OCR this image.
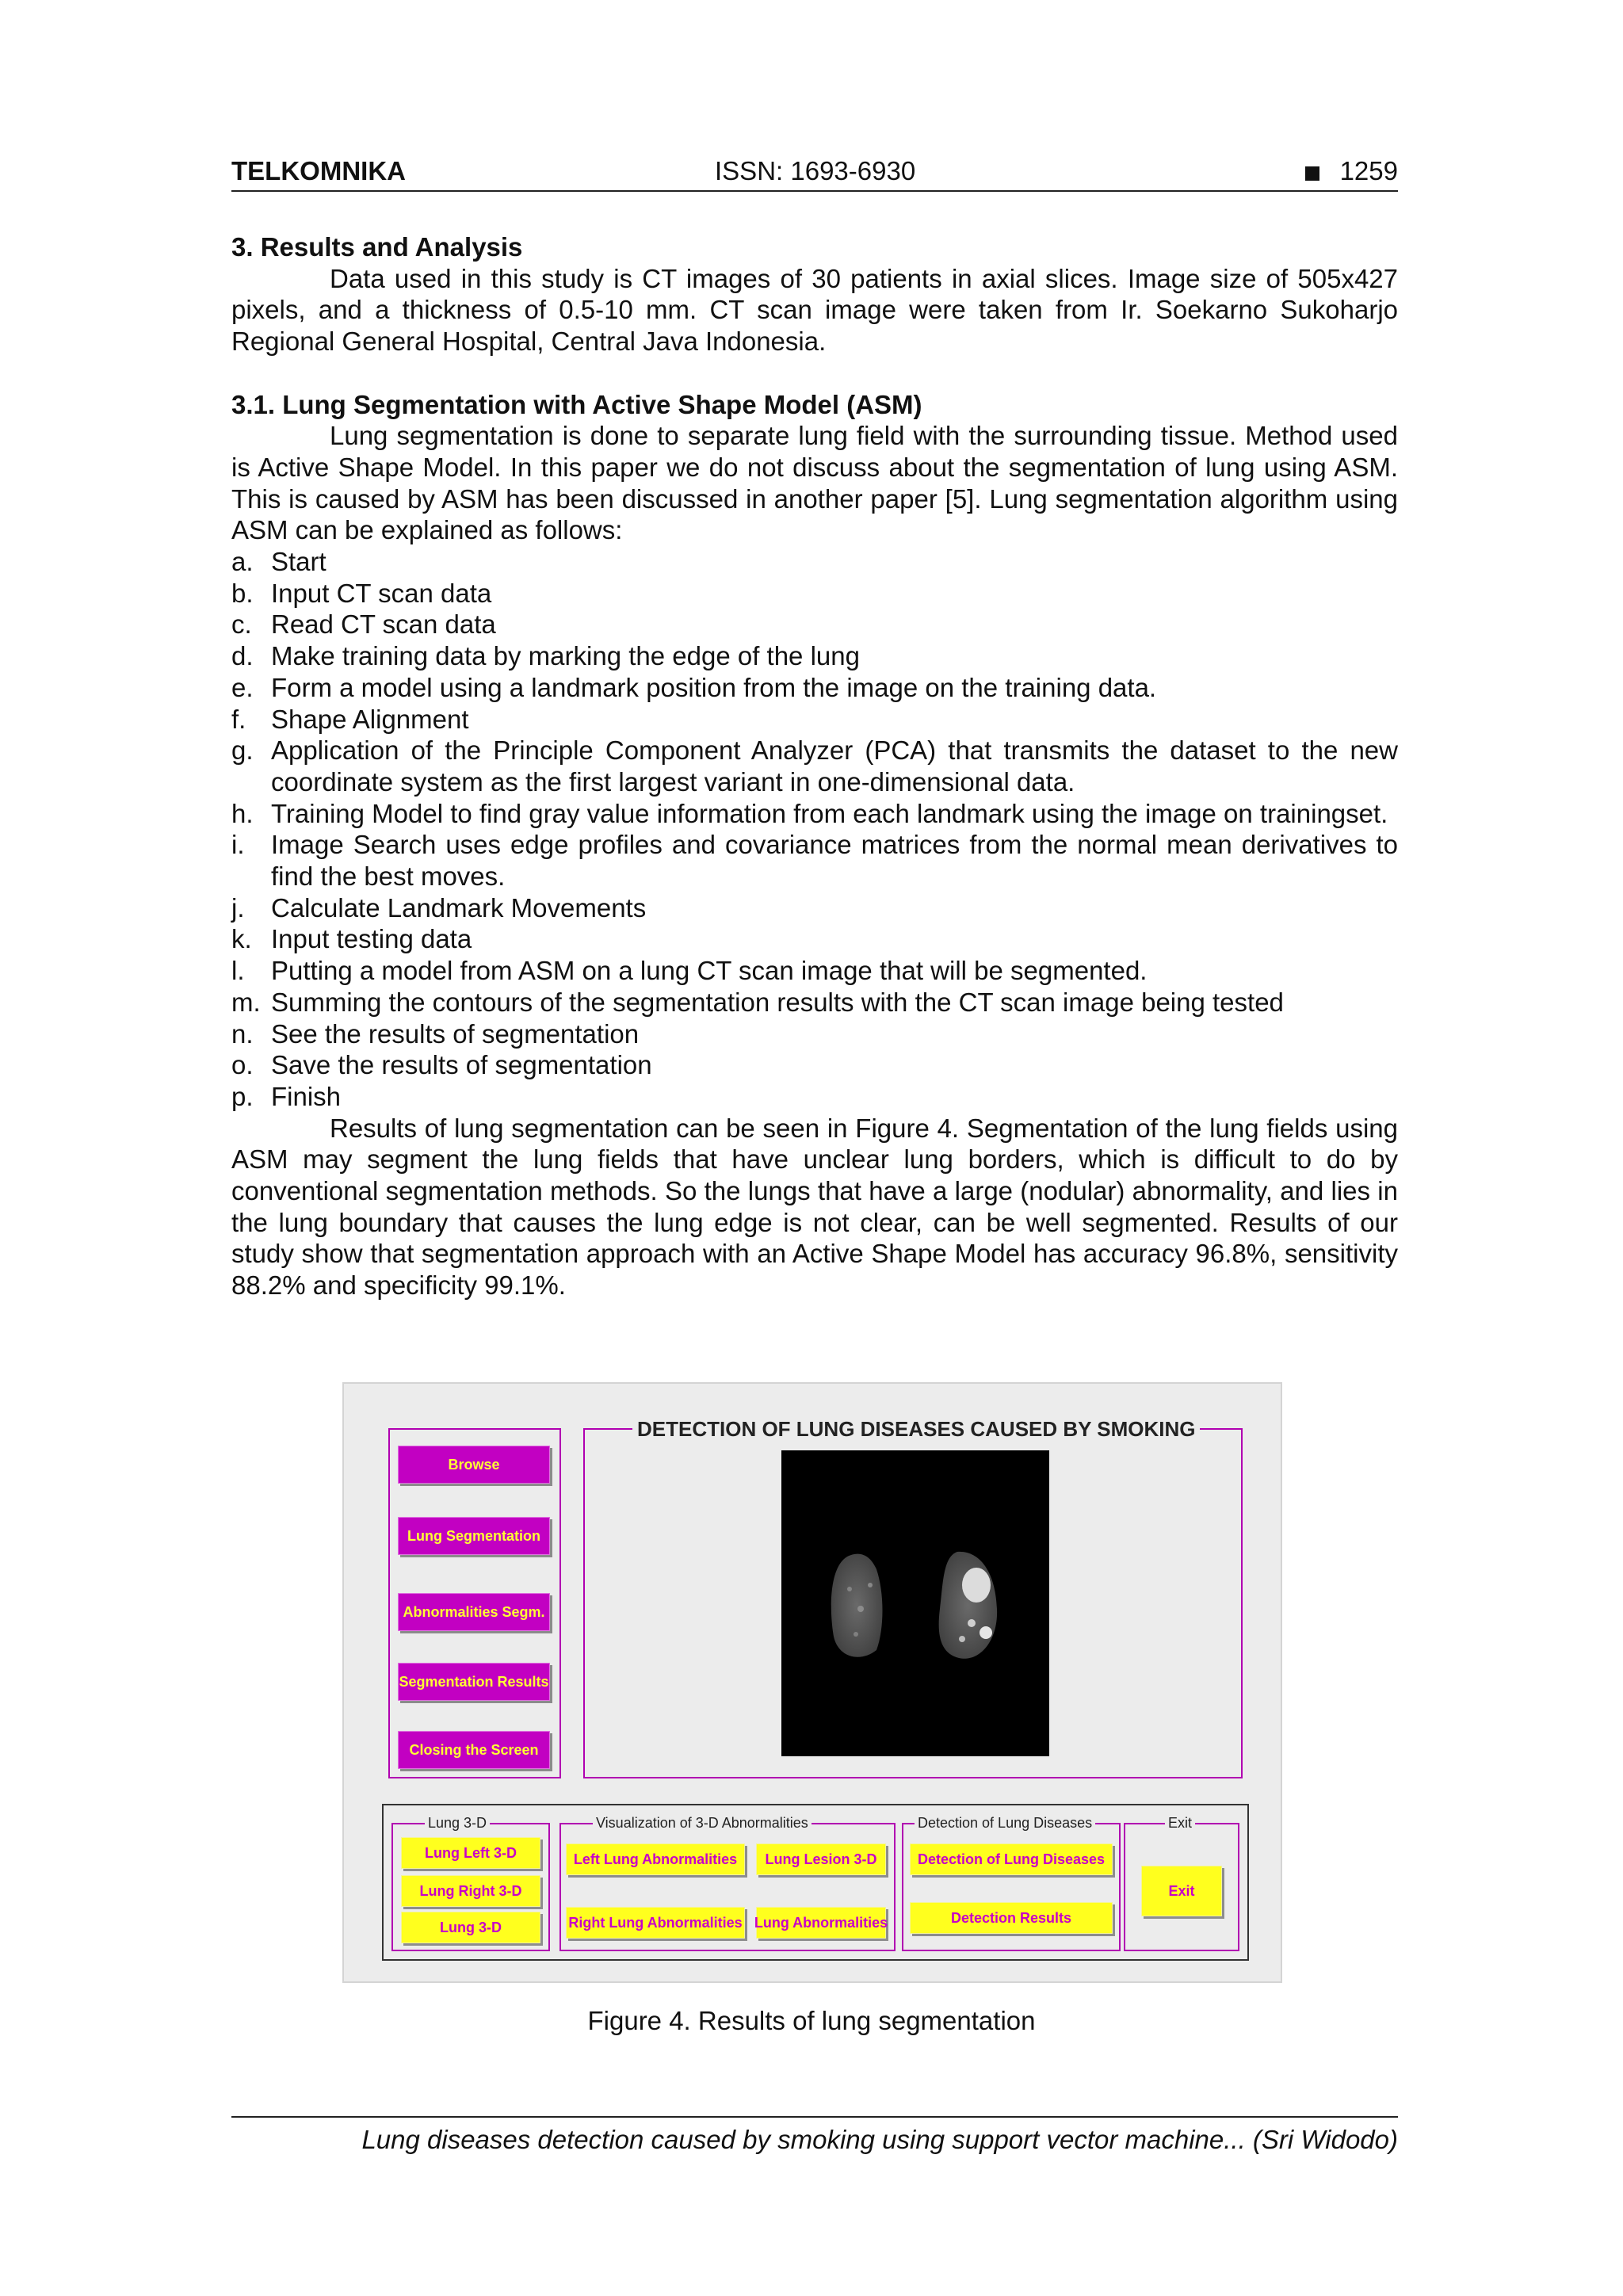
TELKOMNIKA	ISSN: 1693-6930	1259

3. Results and Analysis

Data used in this study is CT images of 30 patients in axial slices. Image size of 505x427 pixels, and a thickness of 0.5-10 mm. CT scan image were taken from Ir. Soekarno Sukoharjo Regional General Hospital, Central Java Indonesia.

3.1. Lung Segmentation with Active Shape Model (ASM)

Lung segmentation is done to separate lung field with the surrounding tissue. Method used is Active Shape Model. In this paper we do not discuss about the segmentation of lung using ASM. This is caused by ASM has been discussed in another paper [5]. Lung segmentation algorithm using ASM can be explained as follows:

a. Start
b. Input CT scan data
c. Read CT scan data
d. Make training data by marking the edge of the lung
e. Form a model using a landmark position from the image on the training data.
f. Shape Alignment
g. Application of the Principle Component Analyzer (PCA) that transmits the dataset to the new coordinate system as the first largest variant in one-dimensional data.
h. Training Model to find gray value information from each landmark using the image on trainingset.
i. Image Search uses edge profiles and covariance matrices from the normal mean derivatives to find the best moves.
j. Calculate Landmark Movements
k. Input testing data
l. Putting a model from ASM on a lung CT scan image that will be segmented.
m. Summing the contours of the segmentation results with the CT scan image being tested
n. See the results of segmentation
o. Save the results of segmentation
p. Finish

Results of lung segmentation can be seen in Figure 4. Segmentation of the lung fields using ASM may segment the lung fields that have unclear lung borders, which is difficult to do by conventional segmentation methods. So the lungs that have a large (nodular) abnormality, and lies in the lung boundary that causes the lung edge is not clear, can be well segmented. Results of our study show that segmentation approach with an Active Shape Model has accuracy 96.8%, sensitivity 88.2% and specificity 99.1%.

Browse
Lung Segmentation
Abnormalities Segm.
Segmentation Results
Closing the Screen
DETECTION OF LUNG DISEASES CAUSED BY SMOKING
Lung 3-D
Lung Left 3-D
Lung Right 3-D
Lung 3-D
Visualization of 3-D Abnormalities
Left Lung Abnormalities	Lung Lesion 3-D
Right Lung Abnormalities Lung Abnormalities
Detection of Lung Diseases
Detection of Lung Diseases
Detection Results
Exit
Exit
Figure 4. Results of lung segmentation
Lung diseases detection caused by smoking using support vector machine... (Sri Widodo)
